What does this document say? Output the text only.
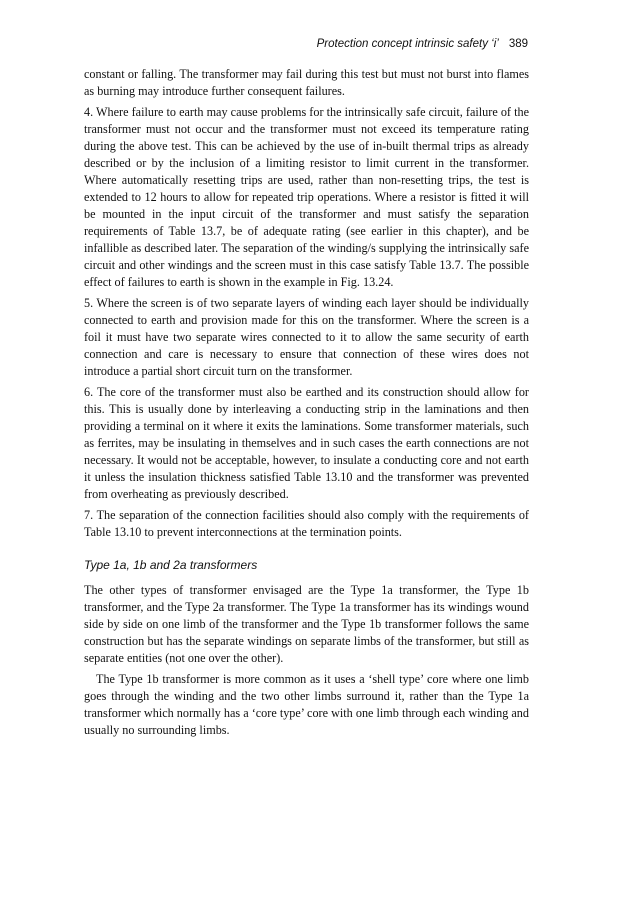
Protection concept intrinsic safety ‘i’ 389

constant or falling. The transformer may fail during this test but must not burst into flames as burning may introduce further consequent failures.

4. Where failure to earth may cause problems for the intrinsically safe circuit, failure of the transformer must not occur and the transformer must not exceed its temperature rating during the above test. This can be achieved by the use of in-built thermal trips as already described or by the inclusion of a limiting resistor to limit current in the transformer. Where automatically resetting trips are used, rather than non-resetting trips, the test is extended to 12 hours to allow for repeated trip operations. Where a resistor is fitted it will be mounted in the input circuit of the transformer and must satisfy the separation requirements of Table 13.7, be of adequate rating (see earlier in this chapter), and be infallible as described later. The separation of the winding/s supplying the intrinsically safe circuit and other windings and the screen must in this case satisfy Table 13.7. The possible effect of failures to earth is shown in the example in Fig. 13.24.

5. Where the screen is of two separate layers of winding each layer should be individually connected to earth and provision made for this on the transformer. Where the screen is a foil it must have two separate wires connected to it to allow the same security of earth connection and care is necessary to ensure that connection of these wires does not introduce a partial short circuit turn on the transformer.

6. The core of the transformer must also be earthed and its construction should allow for this. This is usually done by interleaving a conducting strip in the laminations and then providing a terminal on it where it exits the laminations. Some transformer materials, such as ferrites, may be insulating in themselves and in such cases the earth connections are not necessary. It would not be acceptable, however, to insulate a conducting core and not earth it unless the insulation thickness satisfied Table 13.10 and the transformer was prevented from overheating as previously described.

7. The separation of the connection facilities should also comply with the requirements of Table 13.10 to prevent interconnections at the termination points.

Type 1a, 1b and 2a transformers

The other types of transformer envisaged are the Type 1a transformer, the Type 1b transformer, and the Type 2a transformer. The Type 1a transformer has its windings wound side by side on one limb of the transformer and the Type 1b transformer follows the same construction but has the separate windings on separate limbs of the transformer, but still as separate entities (not one over the other).

The Type 1b transformer is more common as it uses a ‘shell type’ core where one limb goes through the winding and the two other limbs surround it, rather than the Type 1a transformer which normally has a ‘core type’ core with one limb through each winding and usually no surrounding limbs.
